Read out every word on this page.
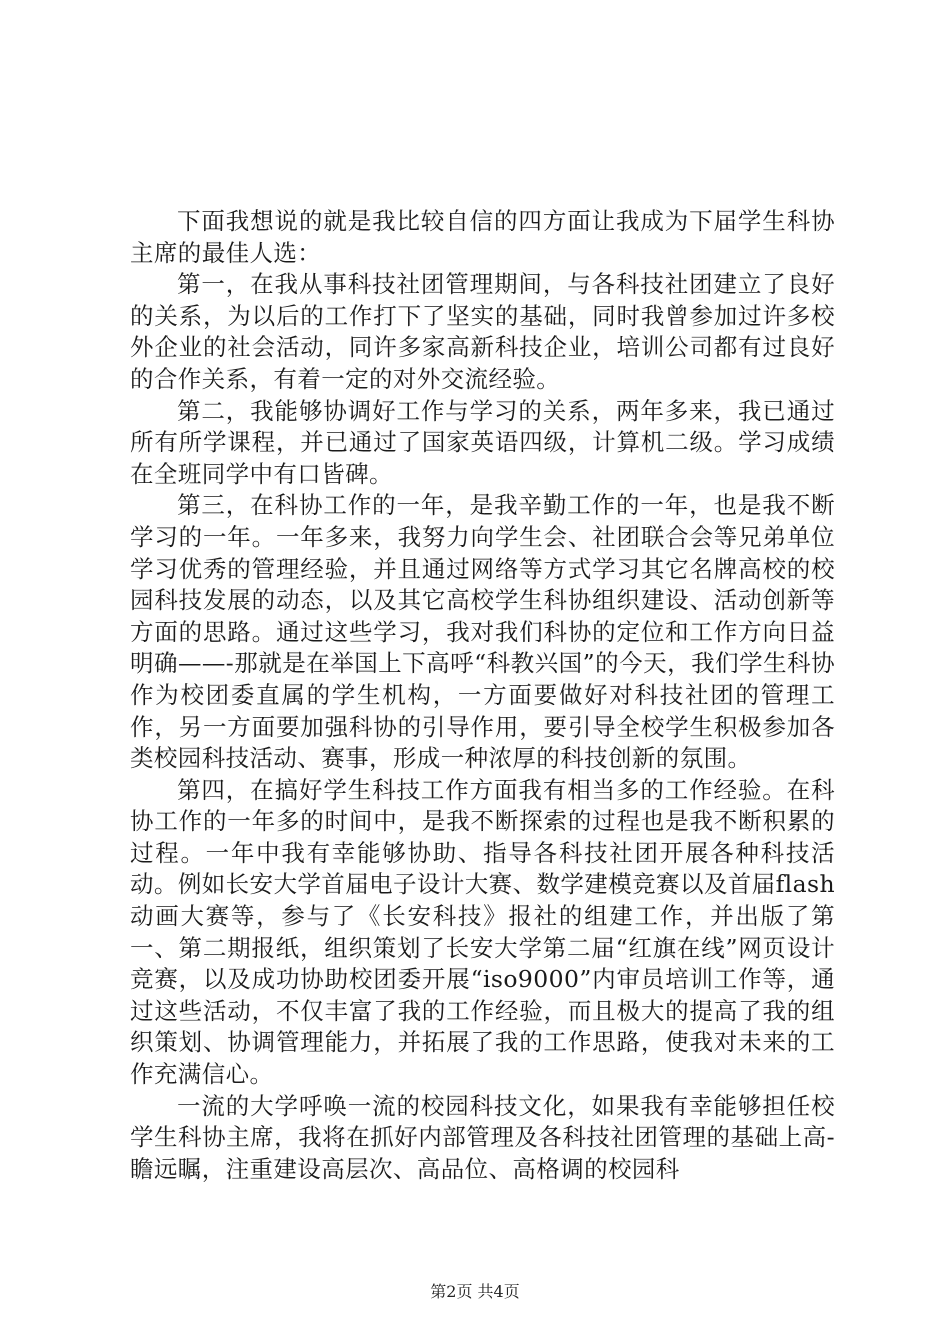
下面我想说的就是我比较自信的四方面让我成为下届学生科协主席的最佳人选：

第一，在我从事科技社团管理期间，与各科技社团建立了良好的关系，为以后的工作打下了坚实的基础，同时我曾参加过许多校外企业的社会活动，同许多家高新科技企业，培训公司都有过良好的合作关系，有着一定的对外交流经验。

第二，我能够协调好工作与学习的关系，两年多来，我已通过所有所学课程，并已通过了国家英语四级，计算机二级。学习成绩在全班同学中有口皆碑。

第三，在科协工作的一年，是我辛勤工作的一年，也是我不断学习的一年。一年多来，我努力向学生会、社团联合会等兄弟单位学习优秀的管理经验，并且通过网络等方式学习其它名牌高校的校园科技发展的动态，以及其它高校学生科协组织建设、活动创新等方面的思路。通过这些学习，我对我们科协的定位和工作方向日益明确——-那就是在举国上下高呼“科教兴国”的今天，我们学生科协作为校团委直属的学生机构，一方面要做好对科技社团的管理工作，另一方面要加强科协的引导作用，要引导全校学生积极参加各类校园科技活动、赛事，形成一种浓厚的科技创新的氛围。

第四，在搞好学生科技工作方面我有相当多的工作经验。在科协工作的一年多的时间中，是我不断探索的过程也是我不断积累的过程。一年中我有幸能够协助、指导各科技社团开展各种科技活动。例如长安大学首届电子设计大赛、数学建模竞赛以及首届flash动画大赛等，参与了《长安科技》报社的组建工作，并出版了第一、第二期报纸，组织策划了长安大学第二届“红旗在线”网页设计竞赛，以及成功协助校团委开展“iso9000”内审员培训工作等，通过这些活动，不仅丰富了我的工作经验，而且极大的提高了我的组织策划、协调管理能力，并拓展了我的工作思路，使我对未来的工作充满信心。

一流的大学呼唤一流的校园科技文化，如果我有幸能够担任校学生科协主席，我将在抓好内部管理及各科技社团管理的基础上高-瞻远瞩，注重建设高层次、高品位、高格调的校园科

第2页 共4页
